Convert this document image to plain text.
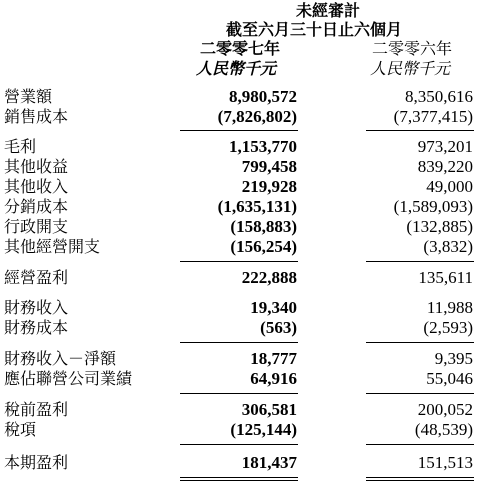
未經審計
截至六月三十日止六個月
二零零七年	二零零六年
人民幣千元	人民幣千元
營業額	8,980,572	8,350,616
銷售成本	(7,826,802)	(7,377,415)
毛利	1,153,770	973,201
其他收益	799,458	839,220
其他收入	219,928	49,000
分銷成本	(1,635,131)	(1,589,093)
行政開支	(158,883)	(132,885)
其他經營開支	(156,254)	(3,832)
經營盈利	222,888	135,611
財務收入	19,340	11,988
財務成本	(563)	(2,593)
財務收入－淨額	18,777	9,395
應佔聯營公司業績	64,916	55,046
稅前盈利	306,581	200,052
稅項	(125,144)	(48,539)
本期盈利	181,437	151,513
